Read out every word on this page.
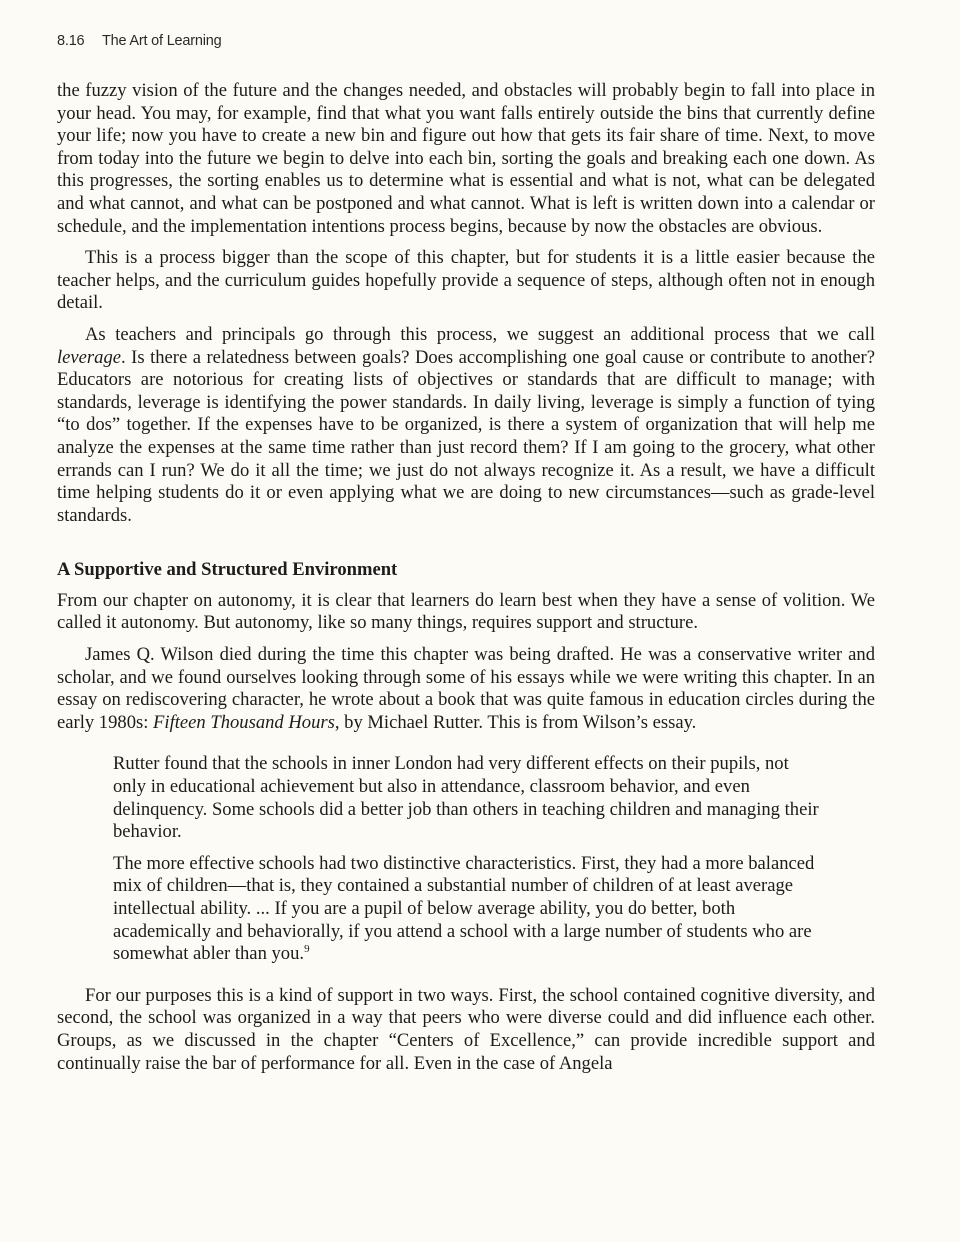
8.16 The Art of Learning

the fuzzy vision of the future and the changes needed, and obstacles will probably begin to fall into place in your head. You may, for example, find that what you want falls entirely outside the bins that currently define your life; now you have to create a new bin and figure out how that gets its fair share of time. Next, to move from today into the future we begin to delve into each bin, sorting the goals and breaking each one down. As this progresses, the sorting enables us to determine what is essential and what is not, what can be delegated and what cannot, and what can be postponed and what cannot. What is left is written down into a calendar or schedule, and the implementation intentions process begins, because by now the obstacles are obvious.

This is a process bigger than the scope of this chapter, but for students it is a little easier because the teacher helps, and the curriculum guides hopefully provide a sequence of steps, although often not in enough detail.

As teachers and principals go through this process, we suggest an additional process that we call leverage. Is there a relatedness between goals? Does accomplishing one goal cause or contribute to another? Educators are notorious for creating lists of objectives or standards that are difficult to manage; with standards, leverage is identifying the power standards. In daily living, leverage is simply a function of tying “to dos” together. If the expenses have to be organized, is there a system of organization that will help me analyze the expenses at the same time rather than just record them? If I am going to the grocery, what other errands can I run? We do it all the time; we just do not always recognize it. As a result, we have a difficult time helping students do it or even applying what we are doing to new circumstances—such as grade-level standards.

A Supportive and Structured Environment

From our chapter on autonomy, it is clear that learners do learn best when they have a sense of volition. We called it autonomy. But autonomy, like so many things, requires support and structure.

James Q. Wilson died during the time this chapter was being drafted. He was a conservative writer and scholar, and we found ourselves looking through some of his essays while we were writing this chapter. In an essay on rediscovering character, he wrote about a book that was quite famous in education circles during the early 1980s: Fifteen Thousand Hours, by Michael Rutter. This is from Wilson’s essay.

Rutter found that the schools in inner London had very different effects on their pupils, not only in educational achievement but also in attendance, classroom behavior, and even delinquency. Some schools did a better job than others in teaching children and managing their behavior.

The more effective schools had two distinctive characteristics. First, they had a more balanced mix of children—that is, they contained a substantial number of children of at least average intellectual ability. ... If you are a pupil of below average ability, you do better, both academically and behaviorally, if you attend a school with a large number of students who are somewhat abler than you.$^9$

For our purposes this is a kind of support in two ways. First, the school contained cognitive diversity, and second, the school was organized in a way that peers who were diverse could and did influence each other. Groups, as we discussed in the chapter “Centers of Excellence,” can provide incredible support and continually raise the bar of performance for all. Even in the case of Angela
